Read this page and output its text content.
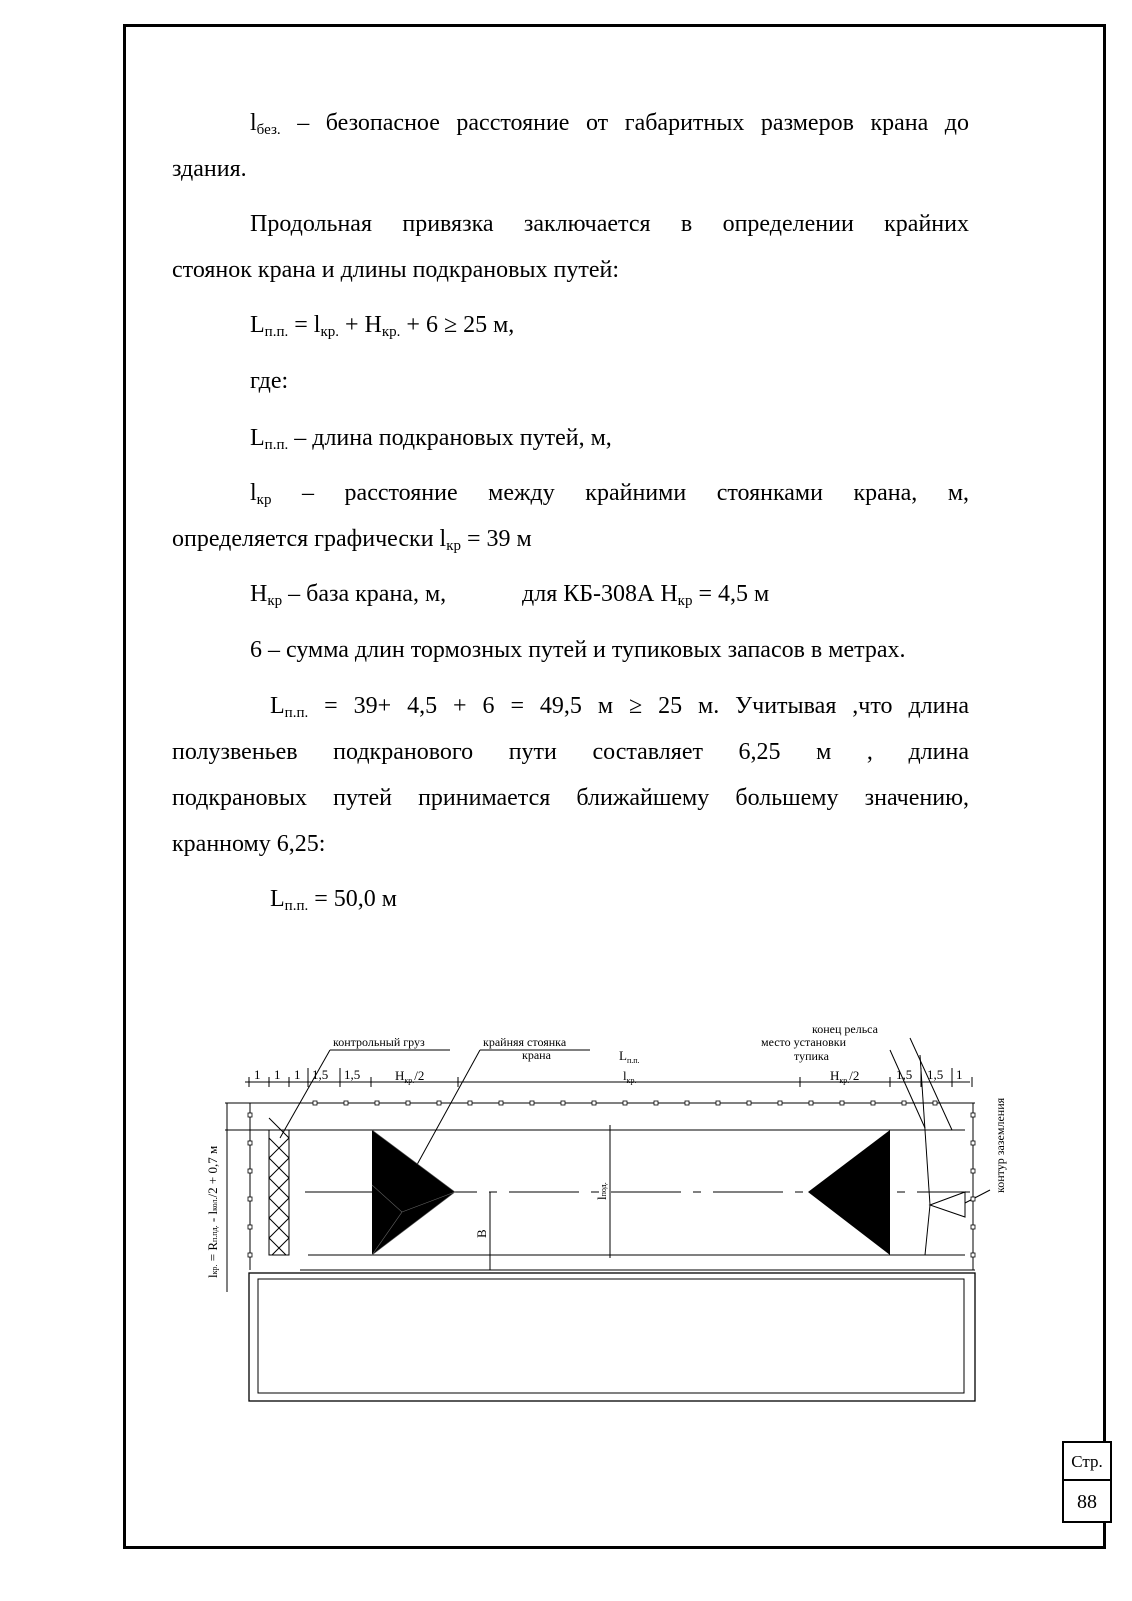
$l_{без.}$ – безопасное расстояние от габаритных размеров крана до

здания.

Продольная привязка заключается в определении крайних

стоянок крана и длины подкрановых путей:

$L_{п.п.} = l_{кр.} + H_{кр.} + 6 \ge 25$ м,

где:

$L_{п.п.}$ – длина подкрановых путей, м,

$l_{кр}$ – расстояние между крайними стоянками крана, м,

определяется графически $l_{кр} = 39$ м

$H_{кр}$ – база крана, м,	для КБ-308А $H_{кр} = 4,5$ м

6 – сумма длин тормозных путей и тупиковых запасов в метрах.

$L_{п.п.} = 39+ 4,5 + 6 = 49,5$ м ≥ 25 м. Учитывая ,что длина

полузвеньев подкранового пути составляет 6,25 м , длина

подкрановых путей принимается ближайшему большему значению,

кранному 6,25:

$L_{п.п.} = 50,0$ м

контрольный груз	крайняя стоянка
крана
конец рельса
место установки
тупика
контур заземления
$L_{п.п.}$
$l_{кр.}$
$H_{кр.}/2$	$H_{кр.}/2$
B
lпод.
1 1 1 1,5 1,5	1,5 1,5 1
lкр. = Rп.пд. - lкол./2 + 0,7 м
Стр.
88
